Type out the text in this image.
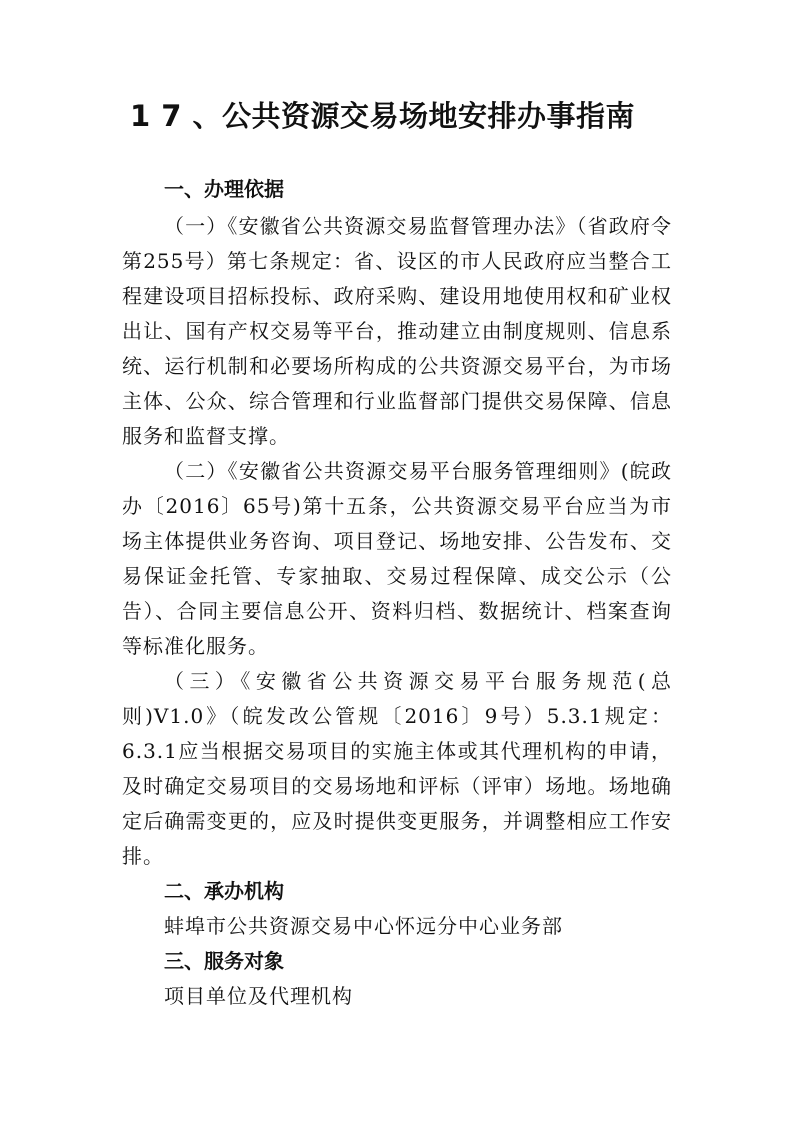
1 7 、公共资源交易场地安排办事指南
一、办理依据

（一）《安徽省公共资源交易监督管理办法》（省政府令第255号）第七条规定：省、设区的市人民政府应当整合工程建设项目招标投标、政府采购、建设用地使用权和矿业权出让、国有产权交易等平台，推动建立由制度规则、信息系统、运行机制和必要场所构成的公共资源交易平台，为市场主体、公众、综合管理和行业监督部门提供交易保障、信息服务和监督支撑。

（二）《安徽省公共资源交易平台服务管理细则》(皖政办〔2016〕65号)第十五条，公共资源交易平台应当为市场主体提供业务咨询、项目登记、场地安排、公告发布、交易保证金托管、专家抽取、交易过程保障、成交公示（公告）、合同主要信息公开、资料归档、数据统计、档案查询等标准化服务。

（三）《安徽省公共资源交易平台服务规范(总则)V1.0》（皖发改公管规〔2016〕9号）5.3.1规定：6.3.1应当根据交易项目的实施主体或其代理机构的申请，及时确定交易项目的交易场地和评标（评审）场地。场地确定后确需变更的，应及时提供变更服务，并调整相应工作安排。

二、承办机构

蚌埠市公共资源交易中心怀远分中心业务部

三、服务对象

项目单位及代理机构
